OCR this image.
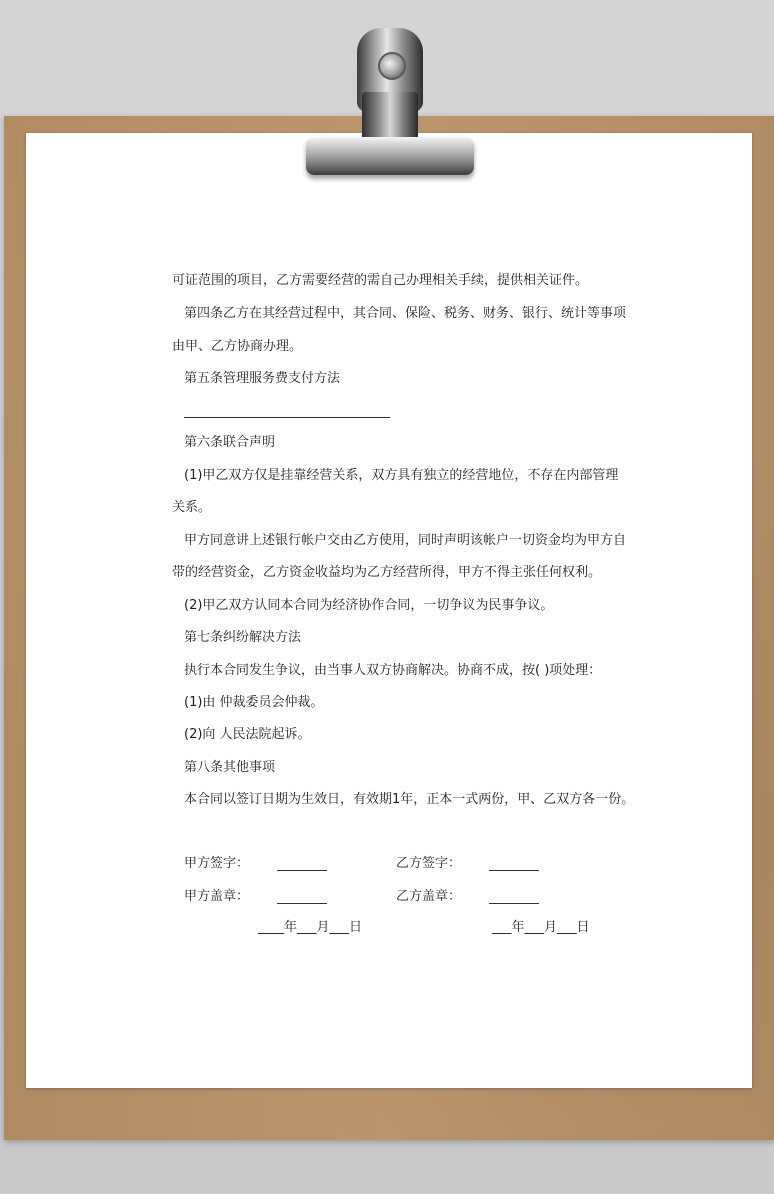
可证范围的项目，乙方需要经营的需自己办理相关手续，提供相关证件。
第四条乙方在其经营过程中，其合同、保险、税务、财务、银行、统计等事项
由甲、乙方协商办理。
第五条管理服务费支付方法
第六条联合声明
(1)甲乙双方仅是挂靠经营关系，双方具有独立的经营地位，不存在内部管理
关系。
甲方同意讲上述银行帐户交由乙方使用，同时声明该帐户一切资金均为甲方自
带的经营资金，乙方资金收益均为乙方经营所得，甲方不得主张任何权利。
(2)甲乙双方认同本合同为经济协作合同，一切争议为民事争议。
第七条纠纷解决方法
执行本合同发生争议，由当事人双方协商解决。协商不成，按( )项处理：
(1)由 仲裁委员会仲裁。
(2)向 人民法院起诉。
第八条其他事项
本合同以签订日期为生效日，有效期1年，正本一式两份，甲、乙双方各一份。
甲方签字：	乙方签字：
甲方盖章：	乙方盖章：
____年___月___日	___年___月___日
